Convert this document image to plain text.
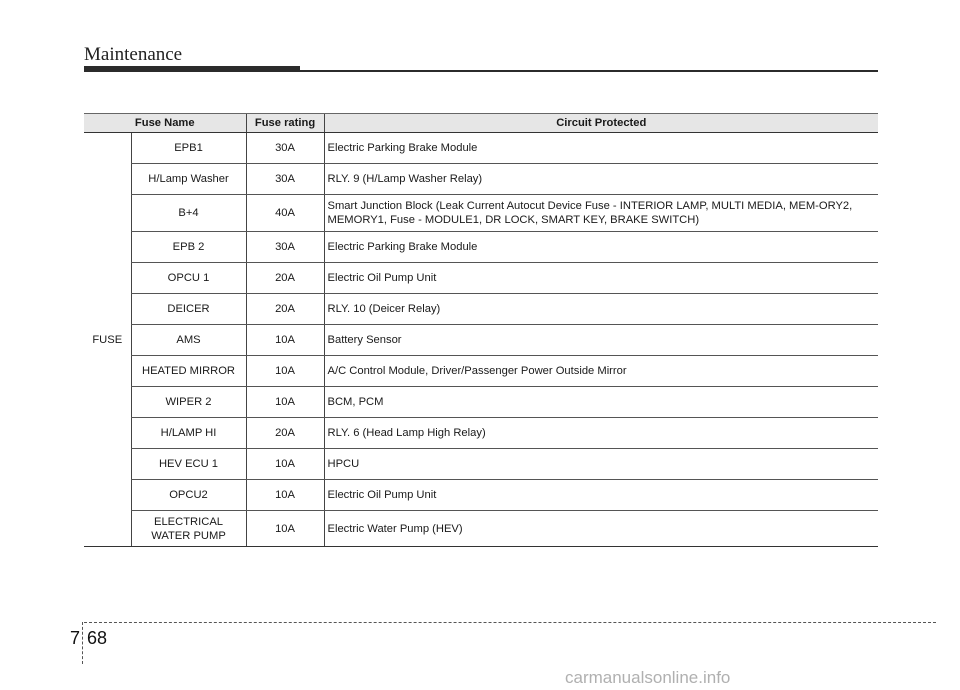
Maintenance
Fuse Name		Fuse rating	Circuit Protected
FUSE	EPB1	30A	Electric Parking Brake Module
	H/Lamp Washer	30A	RLY. 9 (H/Lamp Washer Relay)
	B+4	40A	Smart Junction Block (Leak Current Autocut Device Fuse - INTERIOR LAMP, MULTI MEDIA, MEM-ORY2, MEMORY1, Fuse - MODULE1, DR LOCK, SMART KEY, BRAKE SWITCH)
	EPB 2	30A	Electric Parking Brake Module
	OPCU 1	20A	Electric Oil Pump Unit
	DEICER	20A	RLY. 10 (Deicer Relay)
	AMS	10A	Battery Sensor
	HEATED MIRROR	10A	A/C Control Module, Driver/Passenger Power Outside Mirror
	WIPER 2	10A	BCM, PCM
	H/LAMP HI	20A	RLY. 6 (Head Lamp High Relay)
	HEV ECU 1	10A	HPCU
	OPCU2	10A	Electric Oil Pump Unit
	ELECTRICAL WATER PUMP	10A	Electric Water Pump (HEV)
7 68
carmanualsonline.info
